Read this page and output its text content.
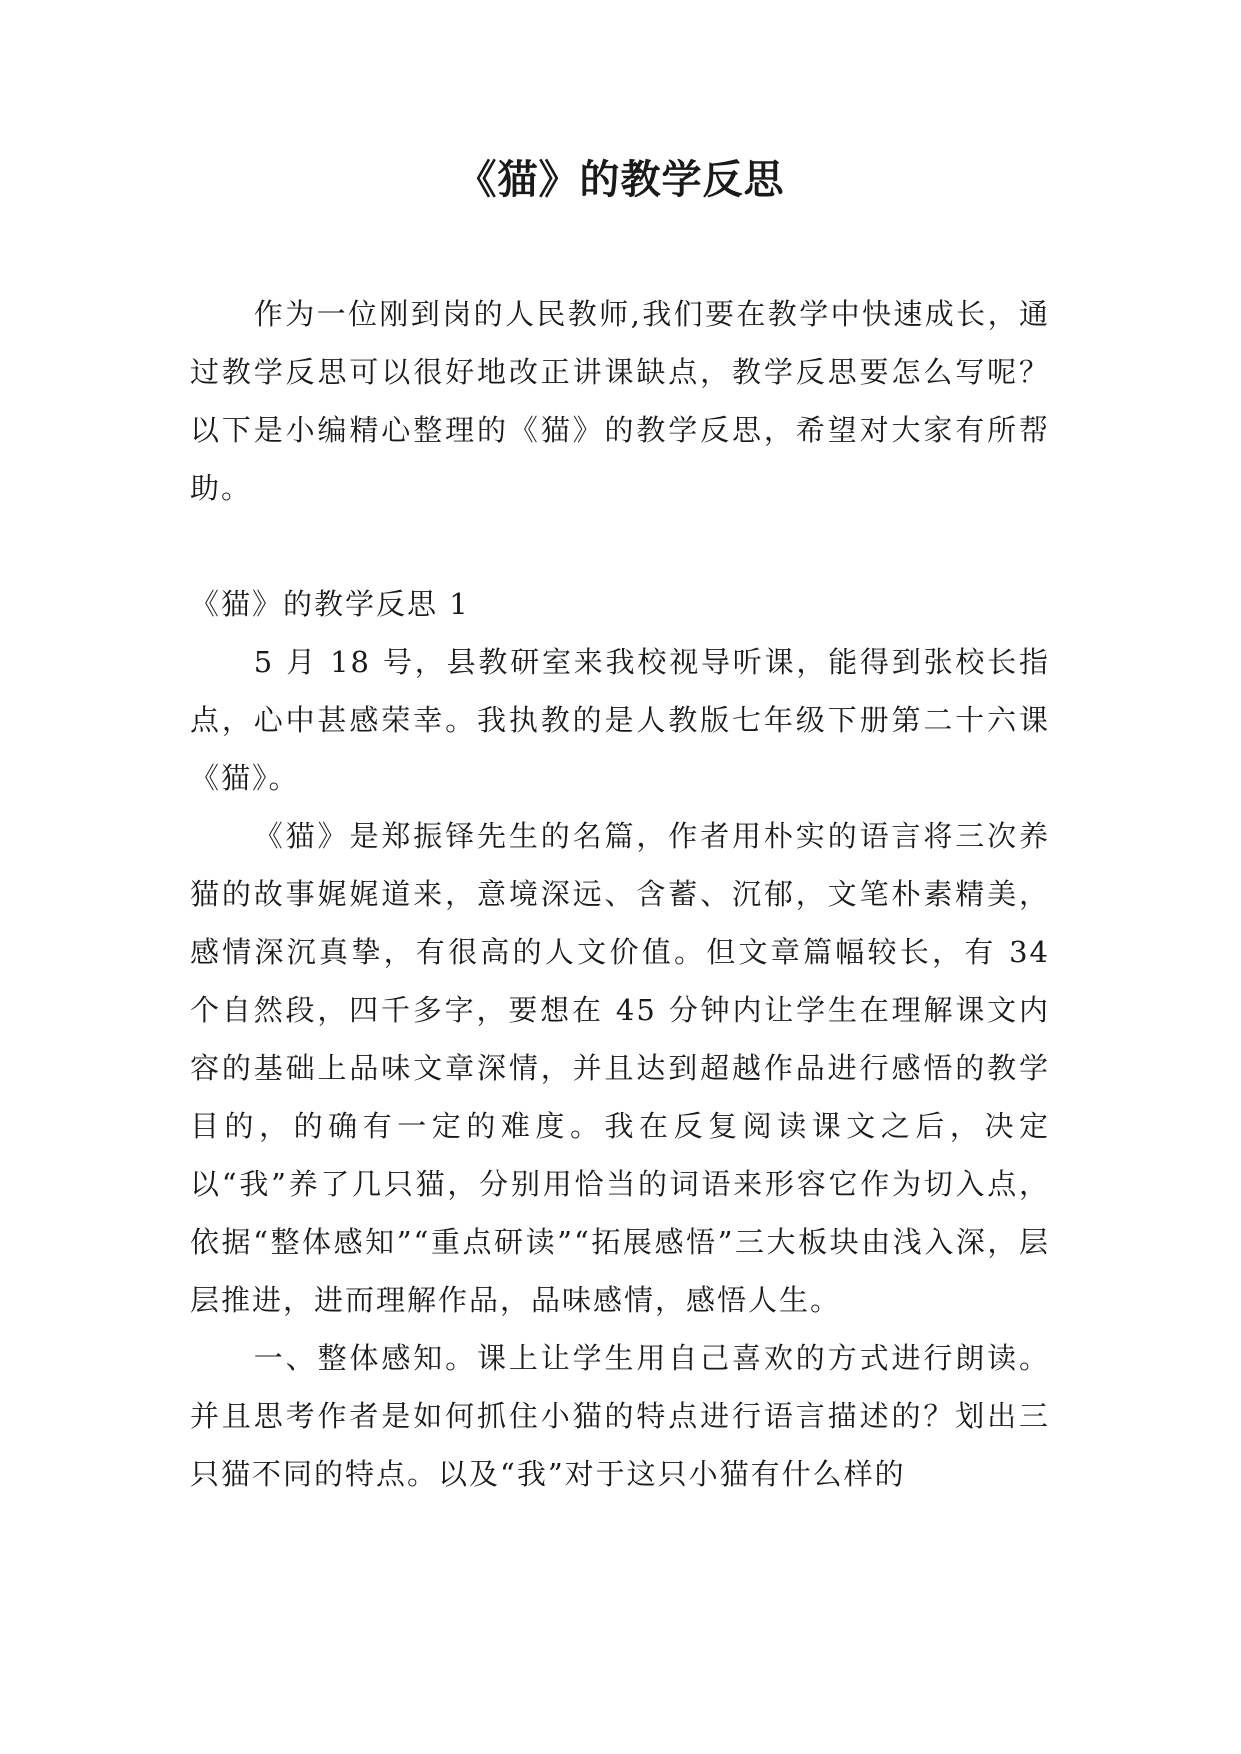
《猫》的教学反思

作为一位刚到岗的人民教师,我们要在教学中快速成长，通过教学反思可以很好地改正讲课缺点，教学反思要怎么写呢？以下是小编精心整理的《猫》的教学反思，希望对大家有所帮助。

《猫》的教学反思 1

5 月 18 号，县教研室来我校视导听课，能得到张校长指点，心中甚感荣幸。我执教的是人教版七年级下册第二十六课《猫》。

《猫》是郑振铎先生的名篇，作者用朴实的语言将三次养猫的故事娓娓道来，意境深远、含蓄、沉郁，文笔朴素精美，感情深沉真挚，有很高的人文价值。但文章篇幅较长，有 34 个自然段，四千多字，要想在 45 分钟内让学生在理解课文内容的基础上品味文章深情，并且达到超越作品进行感悟的教学目的，的确有一定的难度。我在反复阅读课文之后，决定以“我”养了几只猫，分别用恰当的词语来形容它作为切入点，依据“整体感知”“重点研读”“拓展感悟”三大板块由浅入深，层层推进，进而理解作品，品味感情，感悟人生。

一、整体感知。课上让学生用自己喜欢的方式进行朗读。并且思考作者是如何抓住小猫的特点进行语言描述的？划出三只猫不同的特点。以及“我”对于这只小猫有什么样的
